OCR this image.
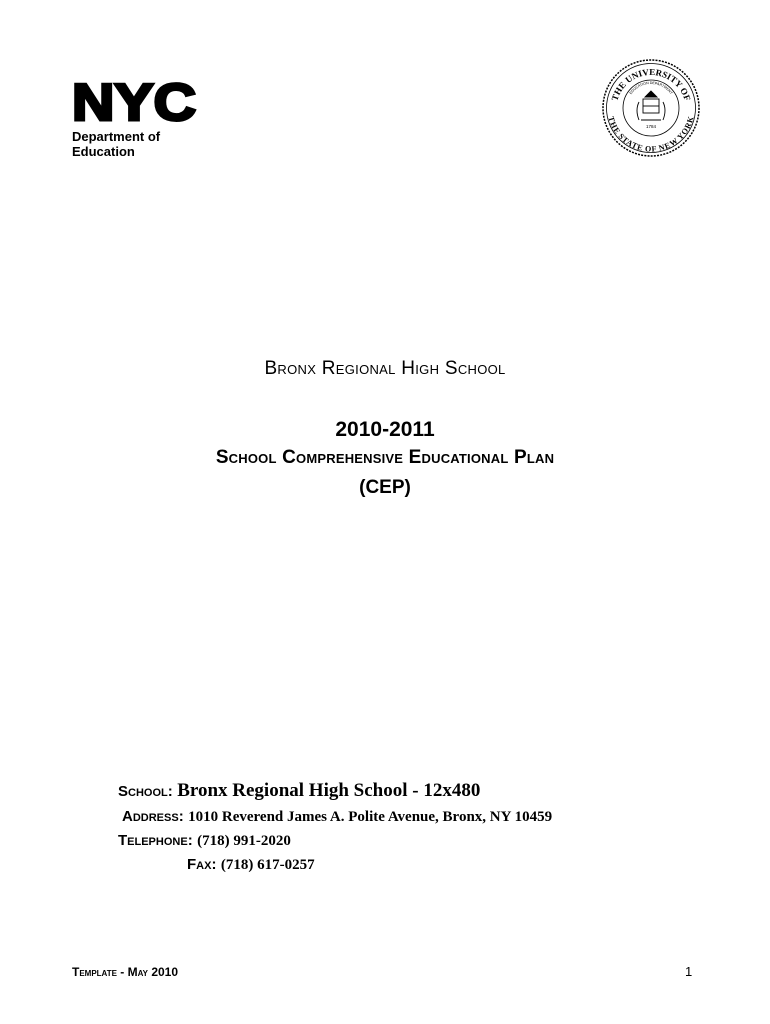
NYC
Department of
Education
THE UNIVERSITY OF
THE STATE OF NEW YORK
EDUCATION DEPARTMENT
1784
Bronx Regional High School
2010-2011
School Comprehensive Educational Plan
(CEP)
School: Bronx Regional High School - 12x480
Address: 1010 Reverend James A. Polite Avenue, Bronx, NY 10459
Telephone: (718) 991-2020
Fax: (718) 617-0257
Template - May 2010	1
